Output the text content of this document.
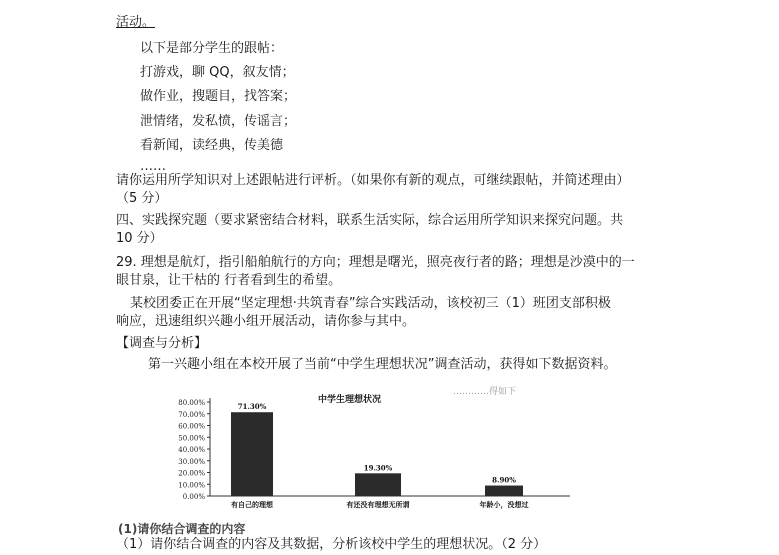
活动。
以下是部分学生的跟帖：
打游戏，聊 QQ，叙友情；
做作业，搜题目，找答案；
泄情绪，发私愤，传谣言；
看新闻，读经典，传美德
……
请你运用所学知识对上述跟帖进行评析。（如果你有新的观点，可继续跟帖，并简述理由）
（5 分）
四、实践探究题（要求紧密结合材料，联系生活实际，综合运用所学知识来探究问题。共
10 分）
29. 理想是航灯，指引船舶航行的方向；理想是曙光，照亮夜行者的路；理想是沙漠中的一
眼甘泉，让干枯的 行者看到生的希望。
某校团委正在开展“坚定理想·共筑青春”综合实践活动，该校初三（1）班团支部积极
响应，迅速组织兴趣小组开展活动，请你参与其中。
【调查与分析】
第一兴趣小组在本校开展了当前“中学生理想状况”调查活动，获得如下数据资料。
80.00%
70.00%
60.00%
50.00%
40.00%
30.00%
20.00%
10.00%
0.00%
71.30%
有自己的理想
19.30%
有还没有理想无所谓
8.90%
年龄小，没想过
中学生理想状况
…………得如下
(1)请你结合调查的内容
（1）请你结合调查的内容及其数据，分析该校中学生的理想状况。（2 分）
